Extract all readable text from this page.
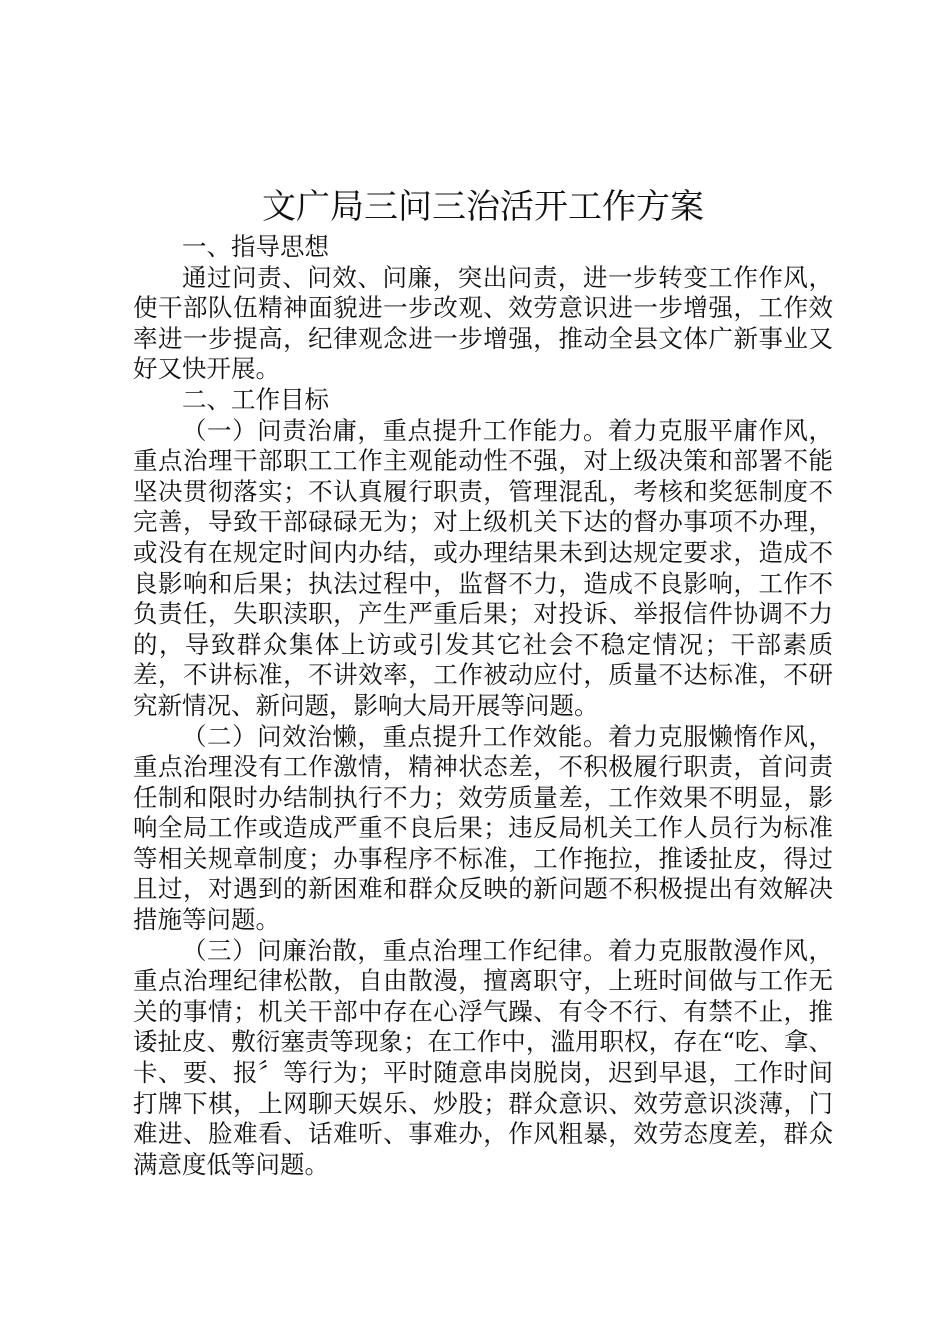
文广局三问三治活开工作方案

一、指导思想

通过问责、问效、问廉，突出问责，进一步转变工作作风，使干部队伍精神面貌进一步改观、效劳意识进一步增强，工作效率进一步提高，纪律观念进一步增强，推动全县文体广新事业又好又快开展。

二、工作目标

（一）问责治庸，重点提升工作能力。着力克服平庸作风，重点治理干部职工工作主观能动性不强，对上级决策和部署不能坚决贯彻落实；不认真履行职责，管理混乱，考核和奖惩制度不完善，导致干部碌碌无为；对上级机关下达的督办事项不办理，或没有在规定时间内办结，或办理结果未到达规定要求，造成不良影响和后果；执法过程中，监督不力，造成不良影响，工作不负责任，失职渎职，产生严重后果；对投诉、举报信件协调不力的，导致群众集体上访或引发其它社会不稳定情况；干部素质差，不讲标准，不讲效率，工作被动应付，质量不达标准，不研究新情况、新问题，影响大局开展等问题。

（二）问效治懒，重点提升工作效能。着力克服懒惰作风，重点治理没有工作激情，精神状态差，不积极履行职责，首问责任制和限时办结制执行不力；效劳质量差，工作效果不明显，影响全局工作或造成严重不良后果；违反局机关工作人员行为标准等相关规章制度；办事程序不标准，工作拖拉，推诿扯皮，得过且过，对遇到的新困难和群众反映的新问题不积极提出有效解决措施等问题。

（三）问廉治散，重点治理工作纪律。着力克服散漫作风，重点治理纪律松散，自由散漫，擅离职守，上班时间做与工作无关的事情；机关干部中存在心浮气躁、有令不行、有禁不止，推诿扯皮、敷衍塞责等现象；在工作中，滥用职权，存在“吃、拿、卡、要、报〞等行为；平时随意串岗脱岗，迟到早退，工作时间打牌下棋，上网聊天娱乐、炒股；群众意识、效劳意识淡薄，门难进、脸难看、话难听、事难办，作风粗暴，效劳态度差，群众满意度低等问题。
